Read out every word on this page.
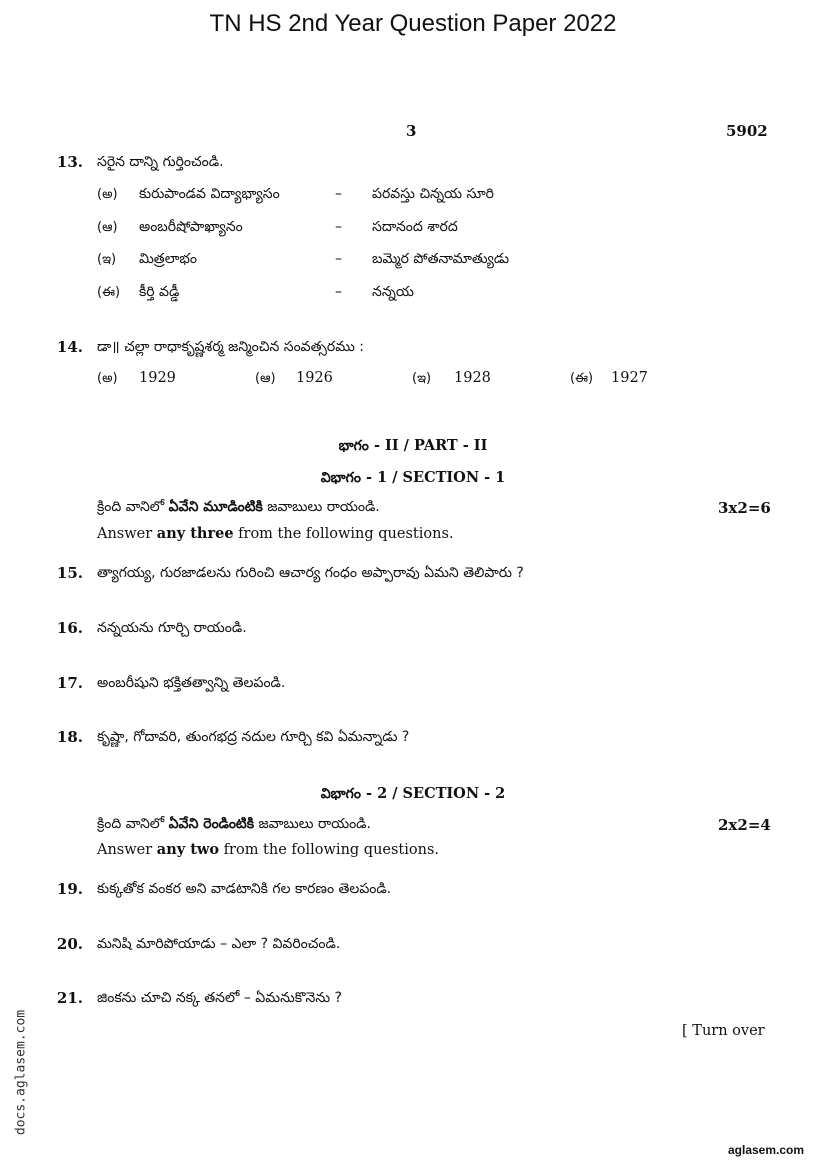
TN HS 2nd Year Question Paper 2022
3	5902
13. సరైన దాన్ని గుర్తించండి.
(అ) కురుపాండవ విద్యాభ్యాసం	– పరవస్తు చిన్నయ సూరి
(ఆ) అంబరీషోపాఖ్యానం	– సదానంద శారద
(ఇ) మిత్రలాభం	– బమ్మెర పోతనామాత్యుడు
(ఈ) కీర్తి వడ్డీ	– నన్నయ
14. డా॥ చల్లా రాధాకృష్ణశర్మ జన్మించిన సంవత్సరము :
(అ) 1929	(ఆ) 1926	(ఇ) 1928	(ఈ) 1927
భాగం - II / PART - II
విభాగం - 1 / SECTION - 1
క్రింది వానిలో ఏవేని మూడింటికి జవాబులు రాయండి.	3x2=6
Answer any three from the following questions.
15. త్యాగయ్య, గురజాడలను గురించి ఆచార్య గంధం అప్పారావు ఏమని తెలిపారు ?
16. నన్నయను గూర్చి రాయండి.
17. అంబరీషుని భక్తితత్వాన్ని తెలపండి.
18. కృష్ణా, గోదావరి, తుంగభద్ర నదుల గూర్చి కవి ఏమన్నాడు ?
విభాగం - 2 / SECTION - 2
క్రింది వానిలో ఏవేని రెండింటికి జవాబులు రాయండి.	2x2=4
Answer any two from the following questions.
19. కుక్కతోక వంకర అని వాడటానికి గల కారణం తెలపండి.
20. మనిషి మారిపోయాడు – ఎలా ? వివరించండి.
21. జింకను చూచి నక్క తనలో – ఏమనుకొనెను ?
[ Turn over
docs.aglasem.com
aglasem.com
